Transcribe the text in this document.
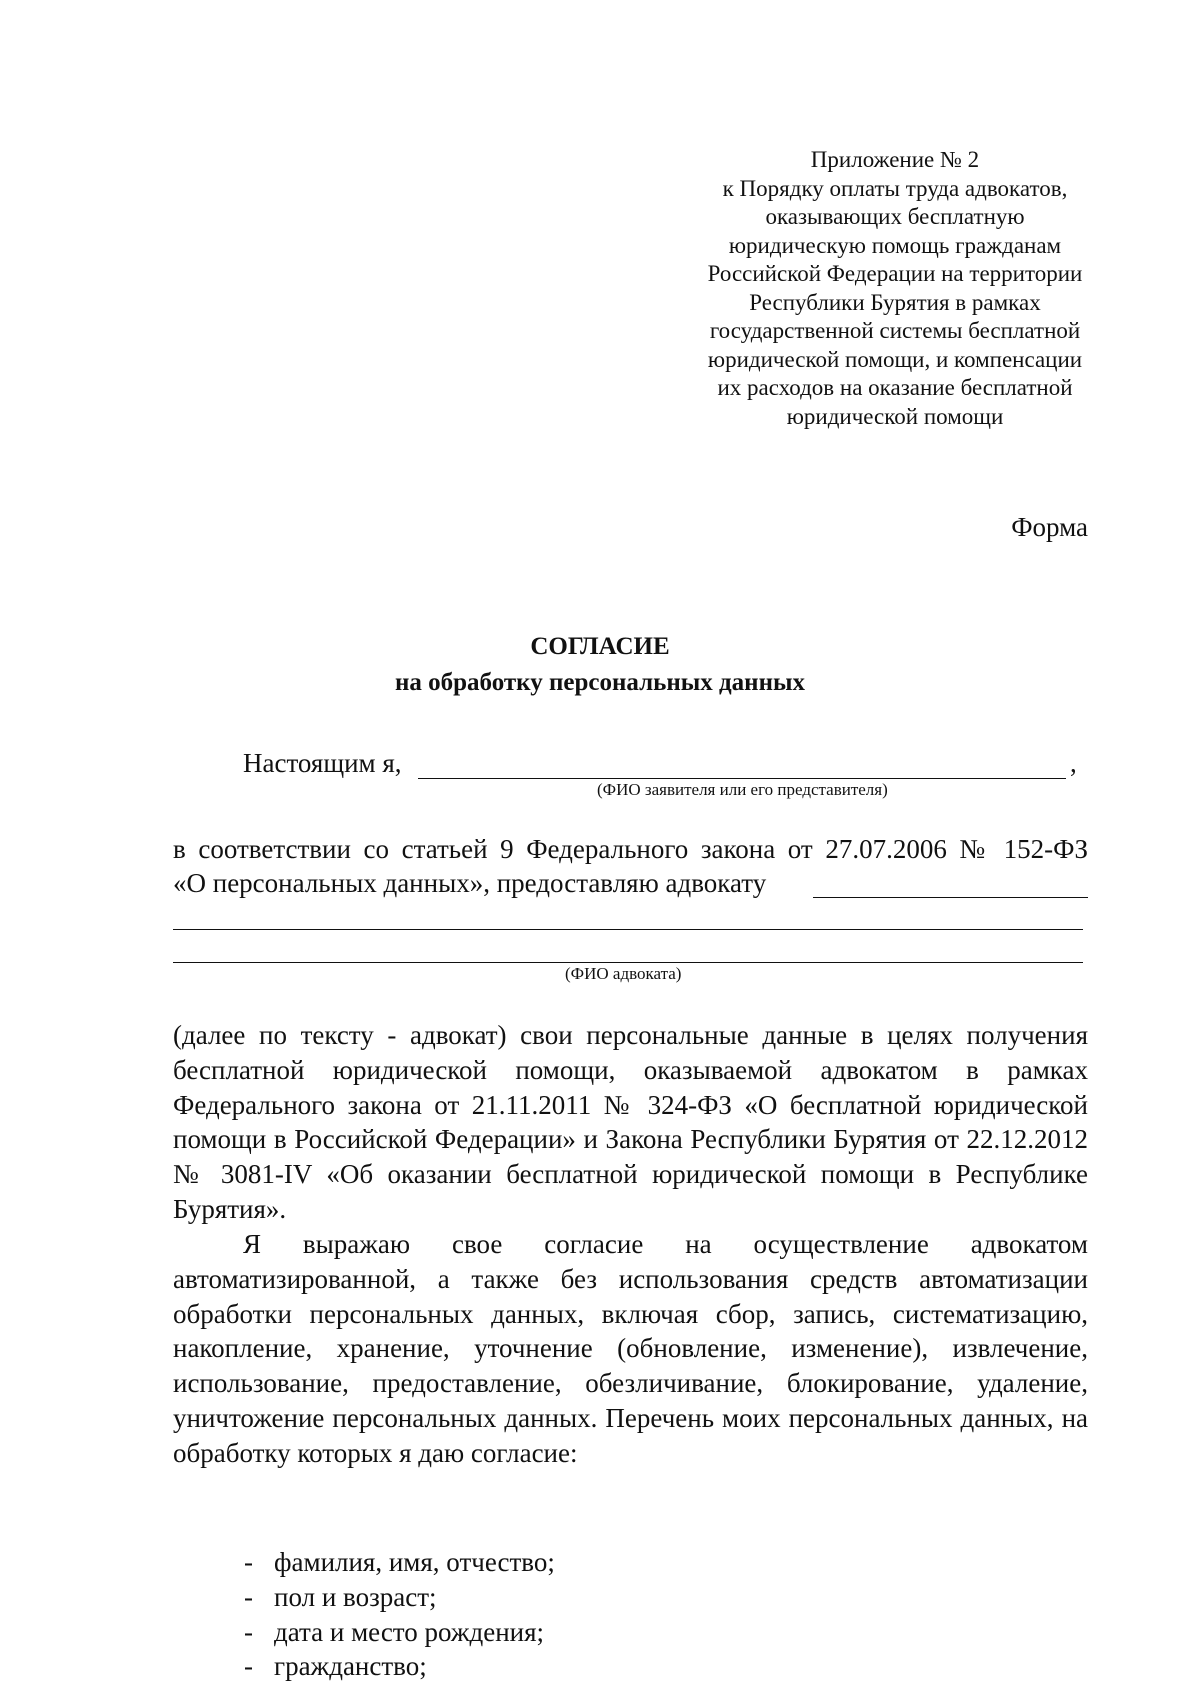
Приложение № 2
к Порядку оплаты труда адвокатов,
оказывающих бесплатную
юридическую помощь гражданам
Российской Федерации на территории
Республики Бурятия в рамках
государственной системы бесплатной
юридической помощи, и компенсации
их расходов на оказание бесплатной
юридической помощи
Форма
СОГЛАСИЕ
на обработку персональных данных
Настоящим я,	,
(ФИО заявителя или его представителя)
в соответствии со статьей 9 Федерального закона от 27.07.2006 № 152-ФЗ
«О персональных данных», предоставляю адвокату
(ФИО адвоката)
(далее по тексту - адвокат) свои персональные данные в целях получения бесплатной юридической помощи, оказываемой адвокатом в рамках Федерального закона от 21.11.2011 № 324-ФЗ «О бесплатной юридической помощи в Российской Федерации» и Закона Республики Бурятия от 22.12.2012 № 3081-IV «Об оказании бесплатной юридической помощи в Республике Бурятия».
Я выражаю свое согласие на осуществление адвокатом автоматизированной, а также без использования средств автоматизации обработки персональных данных, включая сбор, запись, систематизацию, накопление, хранение, уточнение (обновление, изменение), извлечение, использование, предоставление, обезличивание, блокирование, удаление, уничтожение персональных данных. Перечень моих персональных данных, на обработку которых я даю согласие:
- фамилия, имя, отчество;
- пол и возраст;
- дата и место рождения;
- гражданство;
